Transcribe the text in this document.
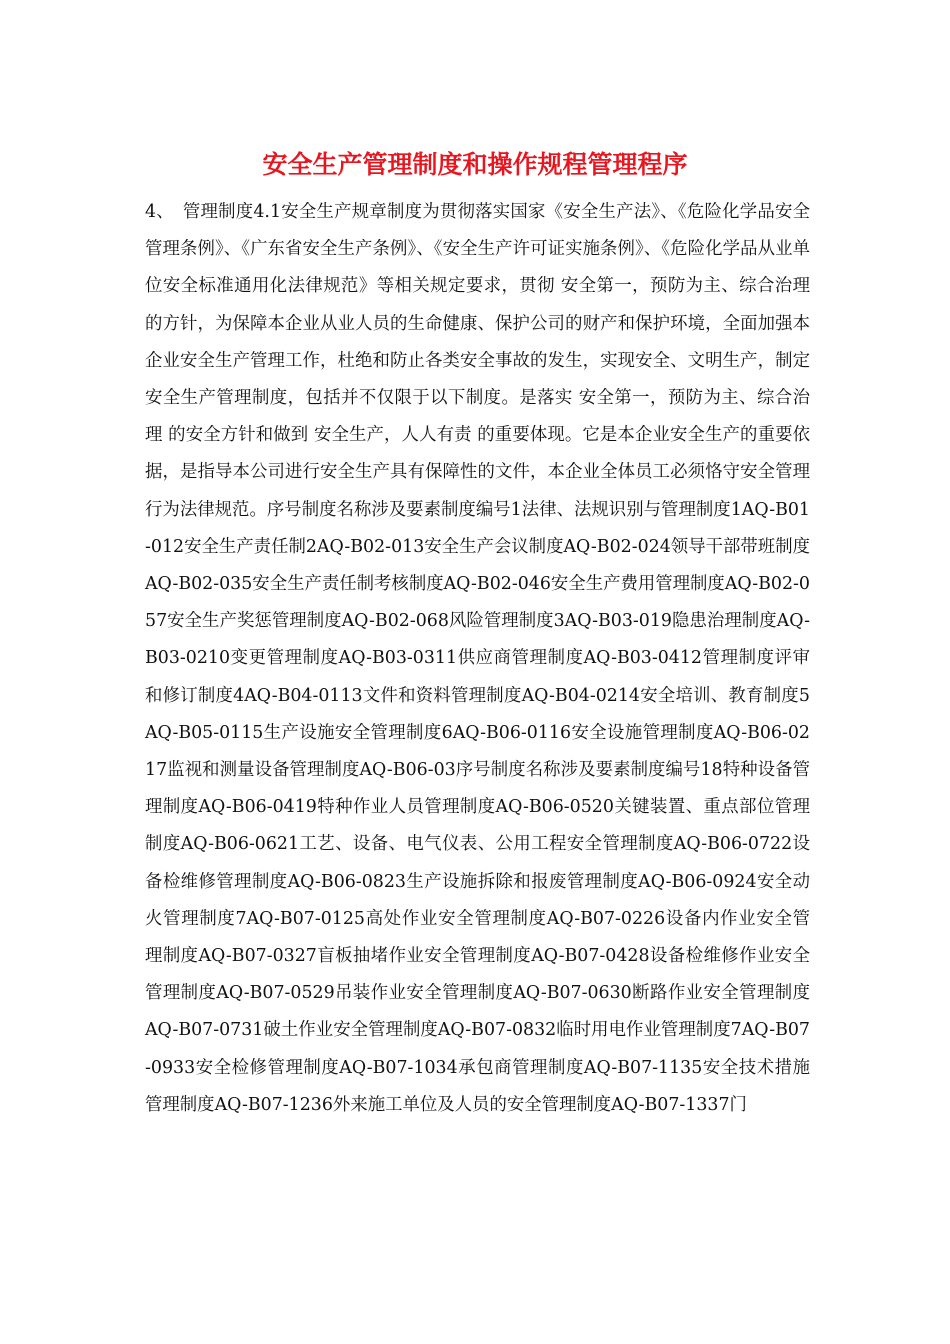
安全生产管理制度和操作规程管理程序

4、　管理制度4.1安全生产规章制度为贯彻落实国家《安全生产法》、《危险化学品安全管理条例》、《广东省安全生产条例》、《安全生产许可证实施条例》、《危险化学品从业单位安全标准通用化法律规范》等相关规定要求，贯彻 安全第一，预防为主、综合治理 的方针，为保障本企业从业人员的生命健康、保护公司的财产和保护环境，全面加强本企业安全生产管理工作，杜绝和防止各类安全事故的发生，实现安全、文明生产，制定安全生产管理制度，包括并不仅限于以下制度。是落实 安全第一，预防为主、综合治理 的安全方针和做到 安全生产，人人有责 的重要体现。它是本企业安全生产的重要依据，是指导本公司进行安全生产具有保障性的文件，本企业全体员工必须恪守安全管理行为法律规范。序号制度名称涉及要素制度编号1法律、法规识别与管理制度1AQ-B01-012安全生产责任制2AQ-B02-013安全生产会议制度AQ-B02-024领导干部带班制度AQ-B02-035安全生产责任制考核制度AQ-B02-046安全生产费用管理制度AQ-B02-057安全生产奖惩管理制度AQ-B02-068风险管理制度3AQ-B03-019隐患治理制度AQ-B03-0210变更管理制度AQ-B03-0311供应商管理制度AQ-B03-0412管理制度评审和修订制度4AQ-B04-0113文件和资料管理制度AQ-B04-0214安全培训、教育制度5AQ-B05-0115生产设施安全管理制度6AQ-B06-0116安全设施管理制度AQ-B06-0217监视和测量设备管理制度AQ-B06-03序号制度名称涉及要素制度编号18特种设备管理制度AQ-B06-0419特种作业人员管理制度AQ-B06-0520关键装置、重点部位管理制度AQ-B06-0621工艺、设备、电气仪表、公用工程安全管理制度AQ-B06-0722设备检维修管理制度AQ-B06-0823生产设施拆除和报废管理制度AQ-B06-0924安全动火管理制度7AQ-B07-0125高处作业安全管理制度AQ-B07-0226设备内作业安全管理制度AQ-B07-0327盲板抽堵作业安全管理制度AQ-B07-0428设备检维修作业安全管理制度AQ-B07-0529吊装作业安全管理制度AQ-B07-0630断路作业安全管理制度AQ-B07-0731破土作业安全管理制度AQ-B07-0832临时用电作业管理制度7AQ-B07-0933安全检修管理制度AQ-B07-1034承包商管理制度AQ-B07-1135安全技术措施管理制度AQ-B07-1236外来施工单位及人员的安全管理制度AQ-B07-1337门
